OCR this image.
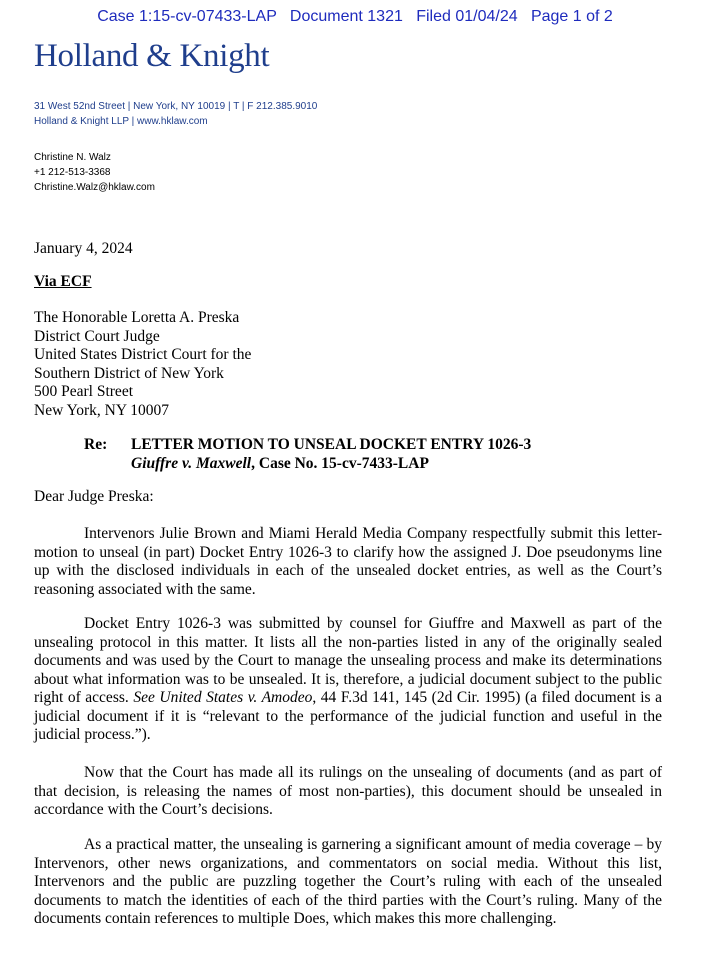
Case 1:15-cv-07433-LAP   Document 1321   Filed 01/04/24   Page 1 of 2
Holland & Knight
31 West 52nd Street | New York, NY 10019 | T | F 212.385.9010
Holland & Knight LLP | www.hklaw.com
Christine N. Walz
+1 212-513-3368
Christine.Walz@hklaw.com
January 4, 2024
Via ECF
The Honorable Loretta A. Preska
District Court Judge
United States District Court for the
Southern District of New York
500 Pearl Street
New York, NY 10007
Re: LETTER MOTION TO UNSEAL DOCKET ENTRY 1026-3
Giuffre v. Maxwell, Case No. 15-cv-7433-LAP
Dear Judge Preska:
Intervenors Julie Brown and Miami Herald Media Company respectfully submit this letter-motion to unseal (in part) Docket Entry 1026-3 to clarify how the assigned J. Doe pseudonyms line up with the disclosed individuals in each of the unsealed docket entries, as well as the Court’s reasoning associated with the same.
Docket Entry 1026-3 was submitted by counsel for Giuffre and Maxwell as part of the unsealing protocol in this matter. It lists all the non-parties listed in any of the originally sealed documents and was used by the Court to manage the unsealing process and make its determinations about what information was to be unsealed. It is, therefore, a judicial document subject to the public right of access. See United States v. Amodeo, 44 F.3d 141, 145 (2d Cir. 1995) (a filed document is a judicial document if it is “relevant to the performance of the judicial function and useful in the judicial process.”).
Now that the Court has made all its rulings on the unsealing of documents (and as part of that decision, is releasing the names of most non-parties), this document should be unsealed in accordance with the Court’s decisions.
As a practical matter, the unsealing is garnering a significant amount of media coverage – by Intervenors, other news organizations, and commentators on social media. Without this list, Intervenors and the public are puzzling together the Court’s ruling with each of the unsealed documents to match the identities of each of the third parties with the Court’s ruling. Many of the documents contain references to multiple Does, which makes this more challenging.
